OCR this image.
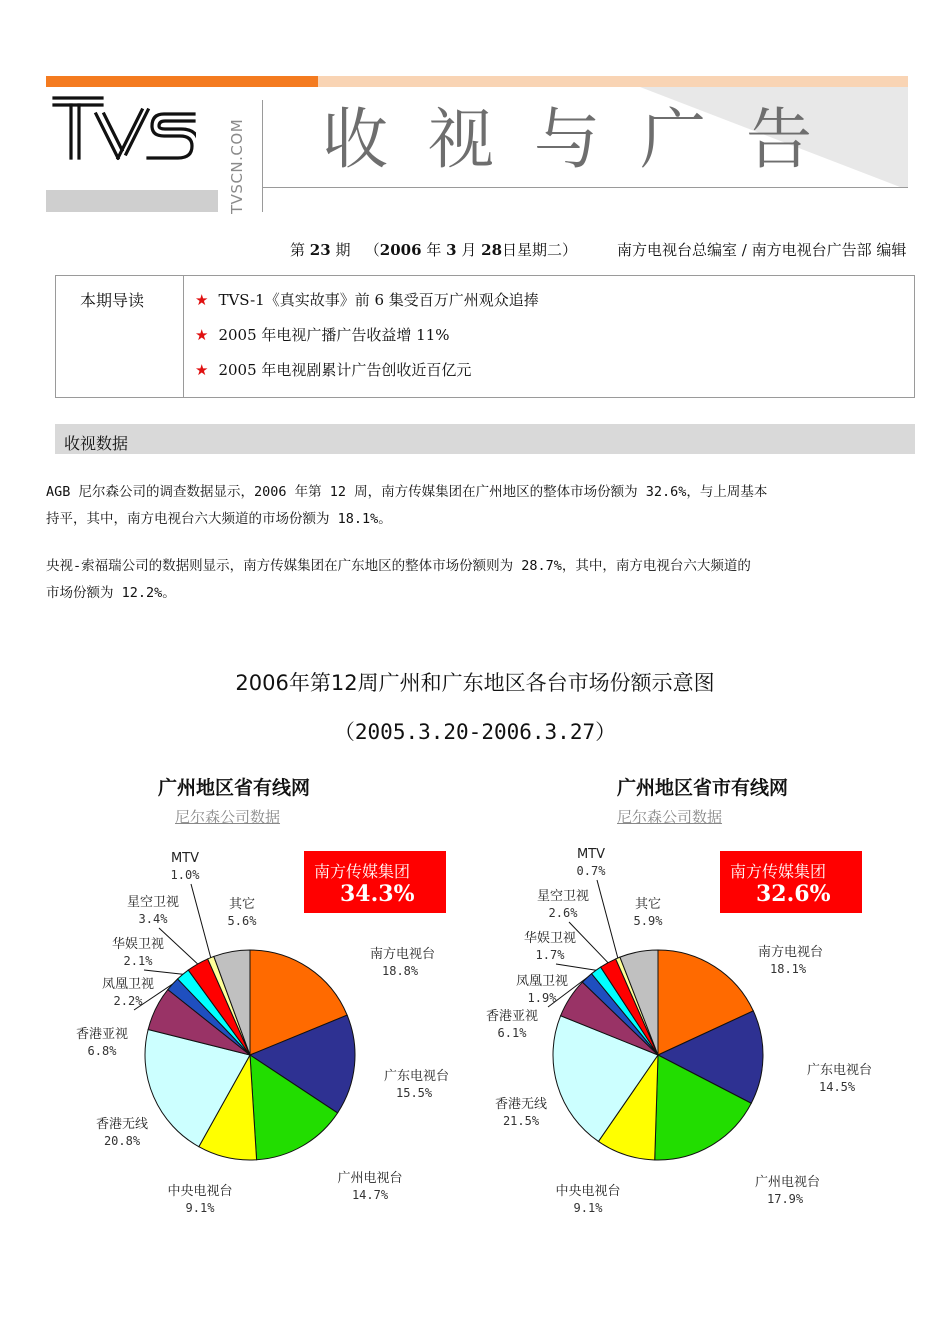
TVSCN.COM 收视与广告
第 23 期 （2006 年 3 月 28日星期二）	南方电视台总编室 / 南方电视台广告部 编辑
本期导读	★ TVS-1《真实故事》前 6 集受百万广州观众追捧
★ 2005 年电视广播广告收益增 11%
★ 2005 年电视剧累计广告创收近百亿元
收视数据
AGB 尼尔森公司的调查数据显示，2006 年第 12 周，南方传媒集团在广州地区的整体市场份额为 32.6%，与上周基本
持平，其中，南方电视台六大频道的市场份额为 18.1%。
央视-索福瑞公司的数据则显示，南方传媒集团在广东地区的整体市场份额则为 28.7%，其中，南方电视台六大频道的
市场份额为 12.2%。
2006年第12周广州和广东地区各台市场份额示意图
（2005.3.20-2006.3.27）
广州地区省有线网
尼尔森公司数据
南方传媒集团
34.3%
南方电视台
18.8%
广东电视台
15.5%
广州电视台
14.7%
中央电视台
9.1%
香港无线
20.8%
香港亚视
6.8%
凤凰卫视
2.2%
华娱卫视
2.1%
星空卫视
3.4%
MTV
1.0%
其它
5.6%
广州地区省市有线网
尼尔森公司数据
南方传媒集团
32.6%
南方电视台
18.1%
广东电视台
14.5%
广州电视台
17.9%
中央电视台
9.1%
香港无线
21.5%
香港亚视
6.1%
凤凰卫视
1.9%
华娱卫视
1.7%
星空卫视
2.6%
MTV
0.7%
其它
5.9%
